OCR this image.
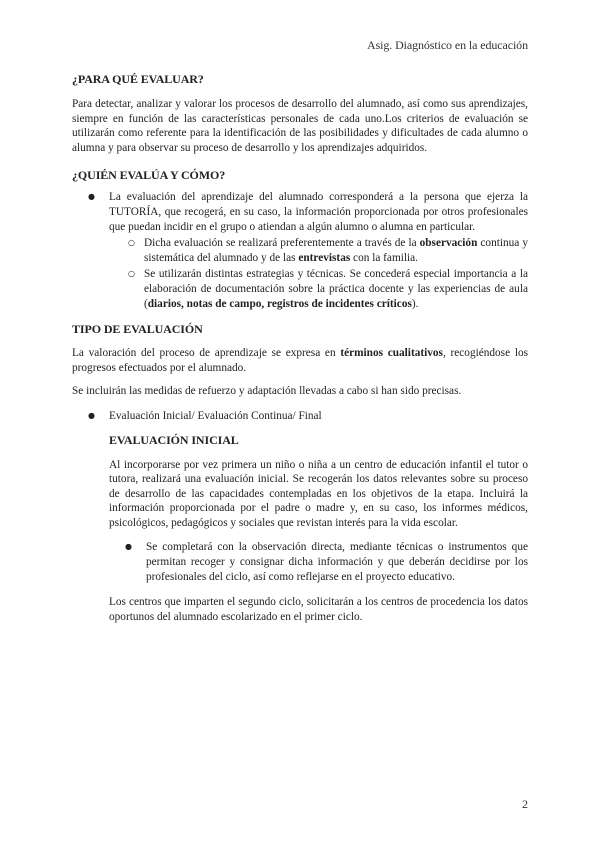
Asig. Diagnóstico en la educación
¿PARA QUÉ EVALUAR?

Para detectar, analizar y valorar los procesos de desarrollo del alumnado, así como sus aprendizajes, siempre en función de las características personales de cada uno.Los criterios de evaluación se utilizarán como referente para la identificación de las posibilidades y dificultades de cada alumno o alumna y para observar su proceso de desarrollo y los aprendizajes adquiridos.

¿QUIÉN EVALÚA Y CÓMO?
● La evaluación del aprendizaje del alumnado corresponderá a la persona que ejerza la TUTORÍA, que recogerá, en su caso, la información proporcionada por otros profesionales que puedan incidir en el grupo o atiendan a algún alumno o alumna en particular.
○ Dicha evaluación se realizará preferentemente a través de la observación continua y sistemática del alumnado y de las entrevistas con la familia.
○ Se utilizarán distintas estrategias y técnicas. Se concederá especial importancia a la elaboración de documentación sobre la práctica docente y las experiencias de aula (diarios, notas de campo, registros de incidentes críticos).
TIPO DE EVALUACIÓN

La valoración del proceso de aprendizaje se expresa en términos cualitativos, recogiéndose los progresos efectuados por el alumnado.

Se incluirán las medidas de refuerzo y adaptación llevadas a cabo si han sido precisas.

● Evaluación Inicial/ Evaluación Continua/ Final
EVALUACIÓN INICIAL

Al incorporarse por vez primera un niño o niña a un centro de educación infantil el tutor o tutora, realizará una evaluación inicial. Se recogerán los datos relevantes sobre su proceso de desarrollo de las capacidades contempladas en los objetivos de la etapa. Incluirá la información proporcionada por el padre o madre y, en su caso, los informes médicos, psicológicos, pedagógicos y sociales que revistan interés para la vida escolar.

● Se completará con la observación directa, mediante técnicas o instrumentos que permitan recoger y consignar dicha información y que deberán decidirse por los profesionales del ciclo, así como reflejarse en el proyecto educativo.

Los centros que imparten el segundo ciclo, solicitarán a los centros de procedencia los datos oportunos del alumnado escolarizado en el primer ciclo.

2
